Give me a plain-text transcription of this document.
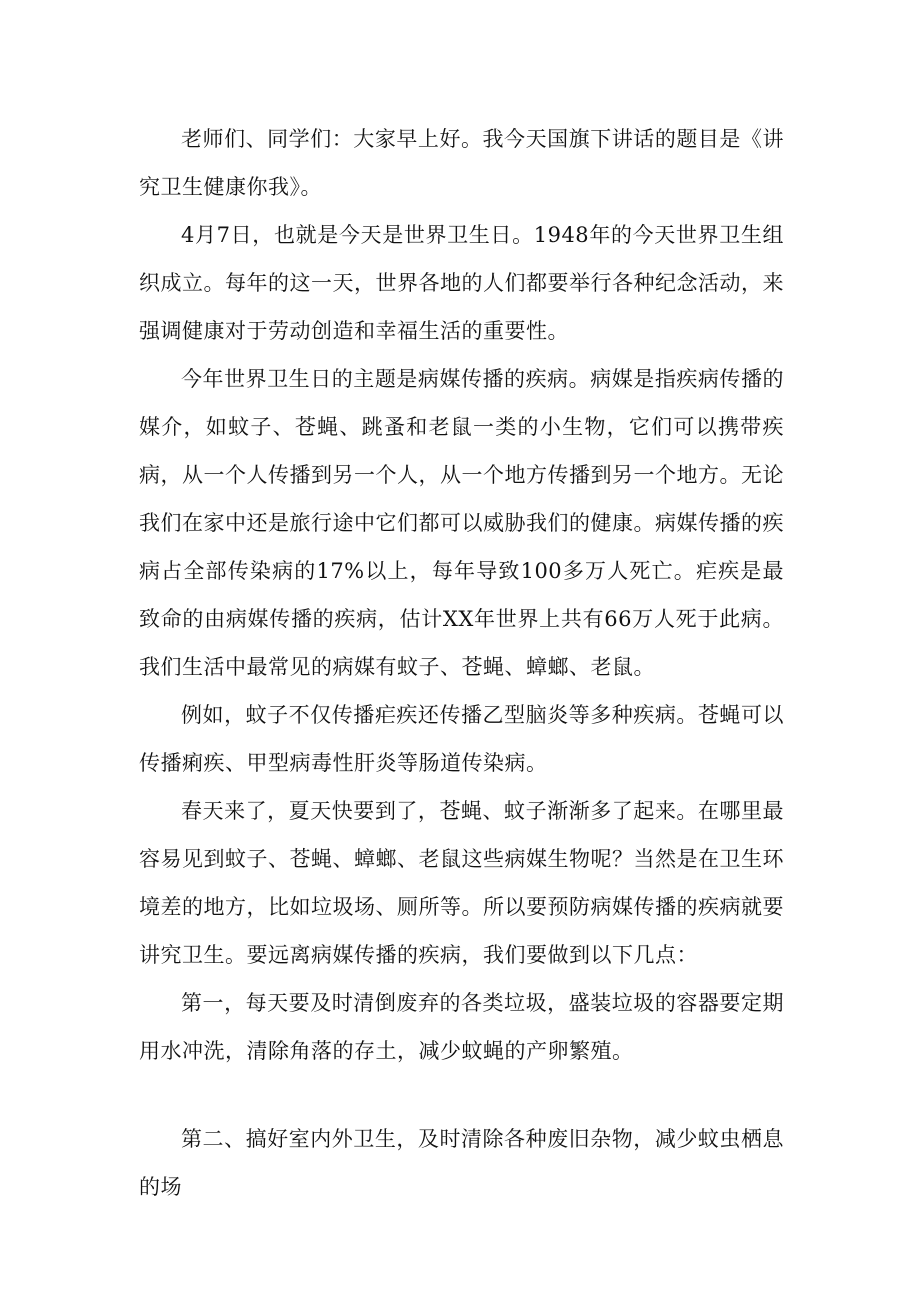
老师们、同学们：大家早上好。我今天国旗下讲话的题目是《讲究卫生健康你我》。

4月7日，也就是今天是世界卫生日。1948年的今天世界卫生组织成立。每年的这一天，世界各地的人们都要举行各种纪念活动，来强调健康对于劳动创造和幸福生活的重要性。

今年世界卫生日的主题是病媒传播的疾病。病媒是指疾病传播的媒介，如蚊子、苍蝇、跳蚤和老鼠一类的小生物，它们可以携带疾病，从一个人传播到另一个人，从一个地方传播到另一个地方。无论我们在家中还是旅行途中它们都可以威胁我们的健康。病媒传播的疾病占全部传染病的17%以上，每年导致100多万人死亡。疟疾是最致命的由病媒传播的疾病，估计XX年世界上共有66万人死于此病。我们生活中最常见的病媒有蚊子、苍蝇、蟑螂、老鼠。

例如，蚊子不仅传播疟疾还传播乙型脑炎等多种疾病。苍蝇可以传播痢疾、甲型病毒性肝炎等肠道传染病。

春天来了，夏天快要到了，苍蝇、蚊子渐渐多了起来。在哪里最容易见到蚊子、苍蝇、蟑螂、老鼠这些病媒生物呢？当然是在卫生环境差的地方，比如垃圾场、厕所等。所以要预防病媒传播的疾病就要讲究卫生。要远离病媒传播的疾病，我们要做到以下几点：

第一，每天要及时清倒废弃的各类垃圾，盛装垃圾的容器要定期用水冲洗，清除角落的存土，减少蚊蝇的产卵繁殖。

第二、搞好室内外卫生，及时清除各种废旧杂物，减少蚊虫栖息的场
